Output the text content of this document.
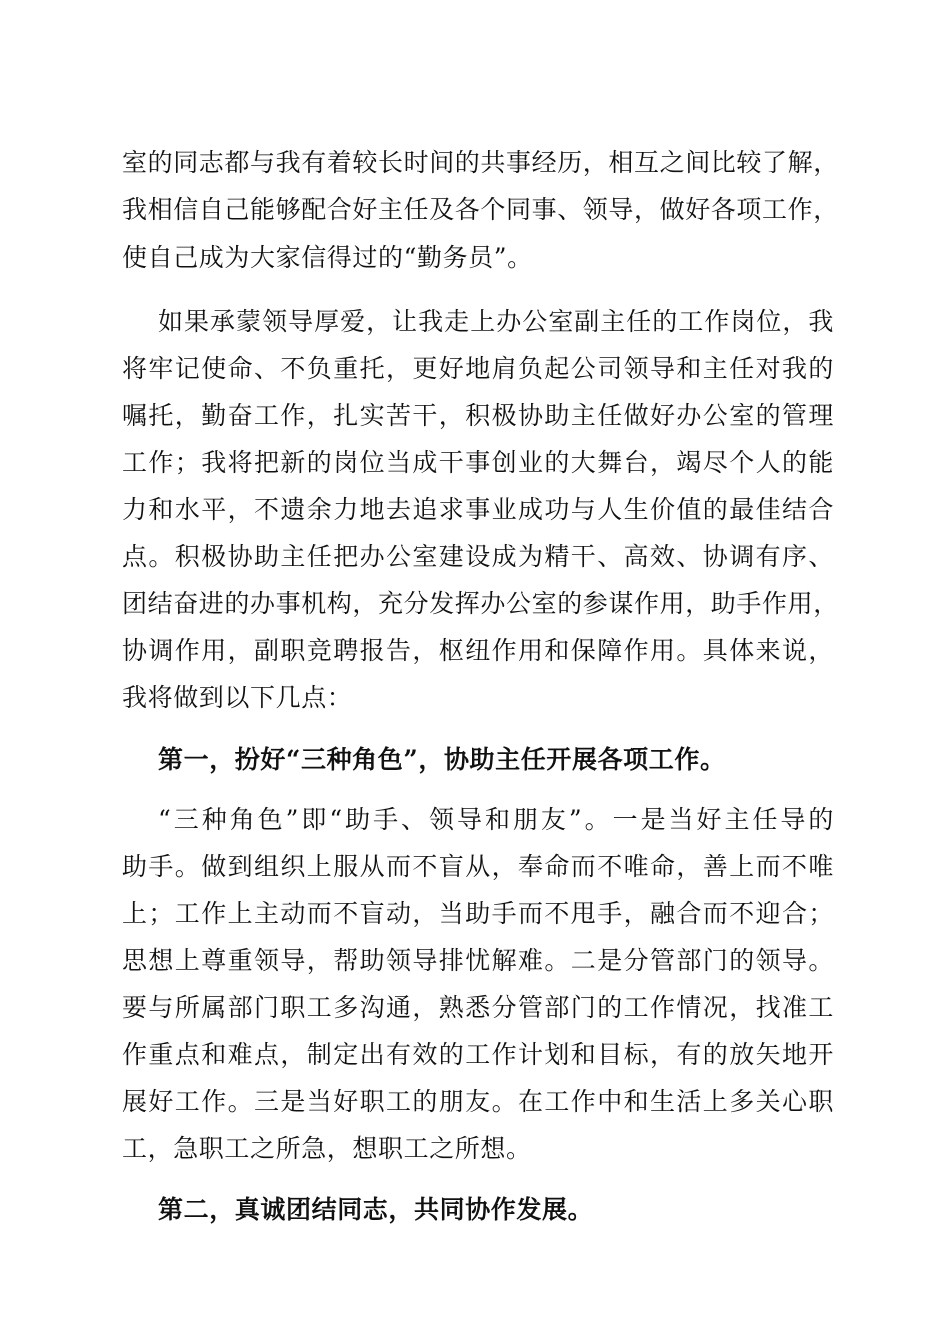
室的同志都与我有着较长时间的共事经历，相互之间比较了解，
我相信自己能够配合好主任及各个同事、领导，做好各项工作，
使自己成为大家信得过的“勤务员”。
如果承蒙领导厚爱，让我走上办公室副主任的工作岗位，我
将牢记使命、不负重托，更好地肩负起公司领导和主任对我的
嘱托，勤奋工作，扎实苦干，积极协助主任做好办公室的管理
工作；我将把新的岗位当成干事创业的大舞台，竭尽个人的能
力和水平，不遗余力地去追求事业成功与人生价值的最佳结合
点。积极协助主任把办公室建设成为精干、高效、协调有序、
团结奋进的办事机构，充分发挥办公室的参谋作用，助手作用，
协调作用，副职竞聘报告，枢纽作用和保障作用。具体来说，
我将做到以下几点：
第一，扮好“三种角色”，协助主任开展各项工作。
“三种角色”即“助手、领导和朋友”。一是当好主任导的
助手。做到组织上服从而不盲从，奉命而不唯命，善上而不唯
上；工作上主动而不盲动，当助手而不甩手，融合而不迎合；
思想上尊重领导，帮助领导排忧解难。二是分管部门的领导。
要与所属部门职工多沟通，熟悉分管部门的工作情况，找准工
作重点和难点，制定出有效的工作计划和目标，有的放矢地开
展好工作。三是当好职工的朋友。在工作中和生活上多关心职
工，急职工之所急，想职工之所想。
第二，真诚团结同志，共同协作发展。
